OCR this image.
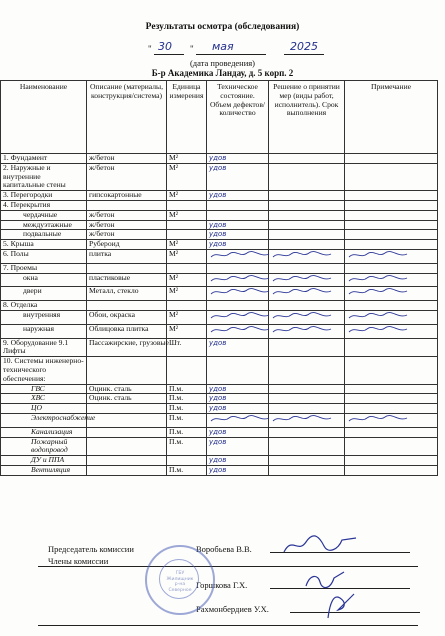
Результаты осмотра (обследования)
" 30 " мая	2025
(дата проведения)
Б-р Академика Ландау, д. 5 корп. 2
Наименование	Описание (материалы, конструкция/система)	Единица измерения	Техническое состояние. Объем дефектов/количество	Решение о принятии мер (виды работ, исполнитель). Срок выполнения	Примечание
1. Фундамент	ж/бетон	М²	удов		
2. Наружные и внутренние капитальные стены	ж/бетон	М²	удов		
3. Перегородки	гипсокартонные	М²	удов		
4. Перекрытия					
чердачные	ж/бетон	М²			
междуэтажные	ж/бетон		удов		
подвальные	ж/бетон		удов		
5. Крыша	Рубероид	М²	удов		
6. Полы	плитка	М²			
7. Проемы					
окна	пластиковые	М²			
двери	Металл, стекло	М²			
8. Отделка					
внутренняя	Обои, окраска	М²			
наружная	Облицовка плитка	М²			
9. Оборудование 9.1 Лифты	Пассажирские, грузовые	Шт.	удов		
10. Системы инженерно-технического обеспечения:					
ГВС	Оцинк. сталь	П.м.	удов		
ХВС	Оцинк. сталь	П.м.	удов		
ЦО		П.м.	удов		
Электроснабжение		П.м.			
Канализация		П.м.	удов		
Пожарный водопровод		П.м.	удов		
ДУ и ППА			удов		
Вентиляция		П.м.	удов		
Председатель комиссии	Воробьева В.В.
Члены комиссии
Горшкова Г.Х.
Рахмонбердиев У.Х.
ГБУ
Жилищник
р-на
Северное
